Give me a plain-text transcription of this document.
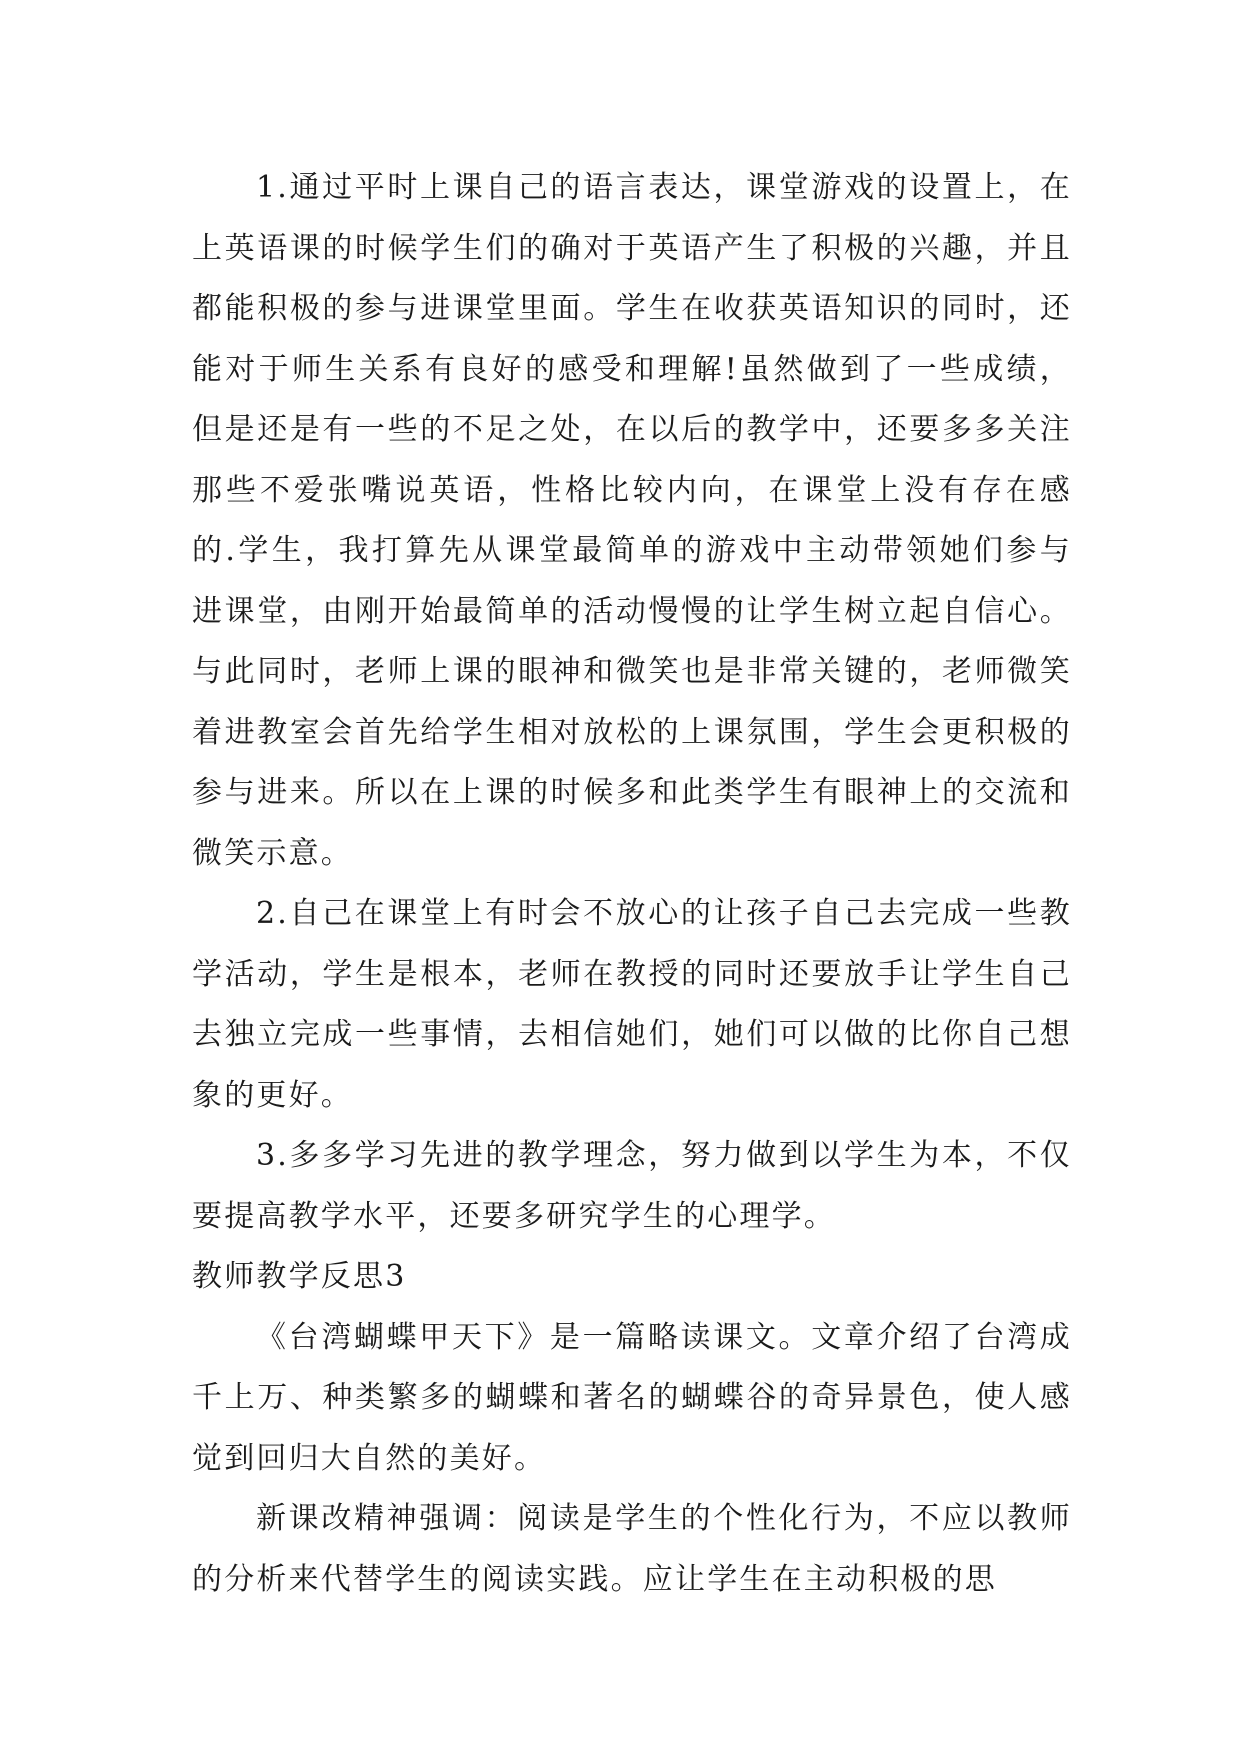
1.通过平时上课自己的语言表达，课堂游戏的设置上，在上英语课的时候学生们的确对于英语产生了积极的兴趣，并且都能积极的参与进课堂里面。学生在收获英语知识的同时，还能对于师生关系有良好的感受和理解!虽然做到了一些成绩，但是还是有一些的不足之处，在以后的教学中，还要多多关注那些不爱张嘴说英语，性格比较内向，在课堂上没有存在感的.学生，我打算先从课堂最简单的游戏中主动带领她们参与进课堂，由刚开始最简单的活动慢慢的让学生树立起自信心。与此同时，老师上课的眼神和微笑也是非常关键的，老师微笑着进教室会首先给学生相对放松的上课氛围，学生会更积极的参与进来。所以在上课的时候多和此类学生有眼神上的交流和微笑示意。

2.自己在课堂上有时会不放心的让孩子自己去完成一些教学活动，学生是根本，老师在教授的同时还要放手让学生自己去独立完成一些事情，去相信她们，她们可以做的比你自己想象的更好。

3.多多学习先进的教学理念，努力做到以学生为本，不仅要提高教学水平，还要多研究学生的心理学。

教师教学反思3

《台湾蝴蝶甲天下》是一篇略读课文。文章介绍了台湾成千上万、种类繁多的蝴蝶和著名的蝴蝶谷的奇异景色，使人感觉到回归大自然的美好。

新课改精神强调：阅读是学生的个性化行为，不应以教师的分析来代替学生的阅读实践。应让学生在主动积极的思
